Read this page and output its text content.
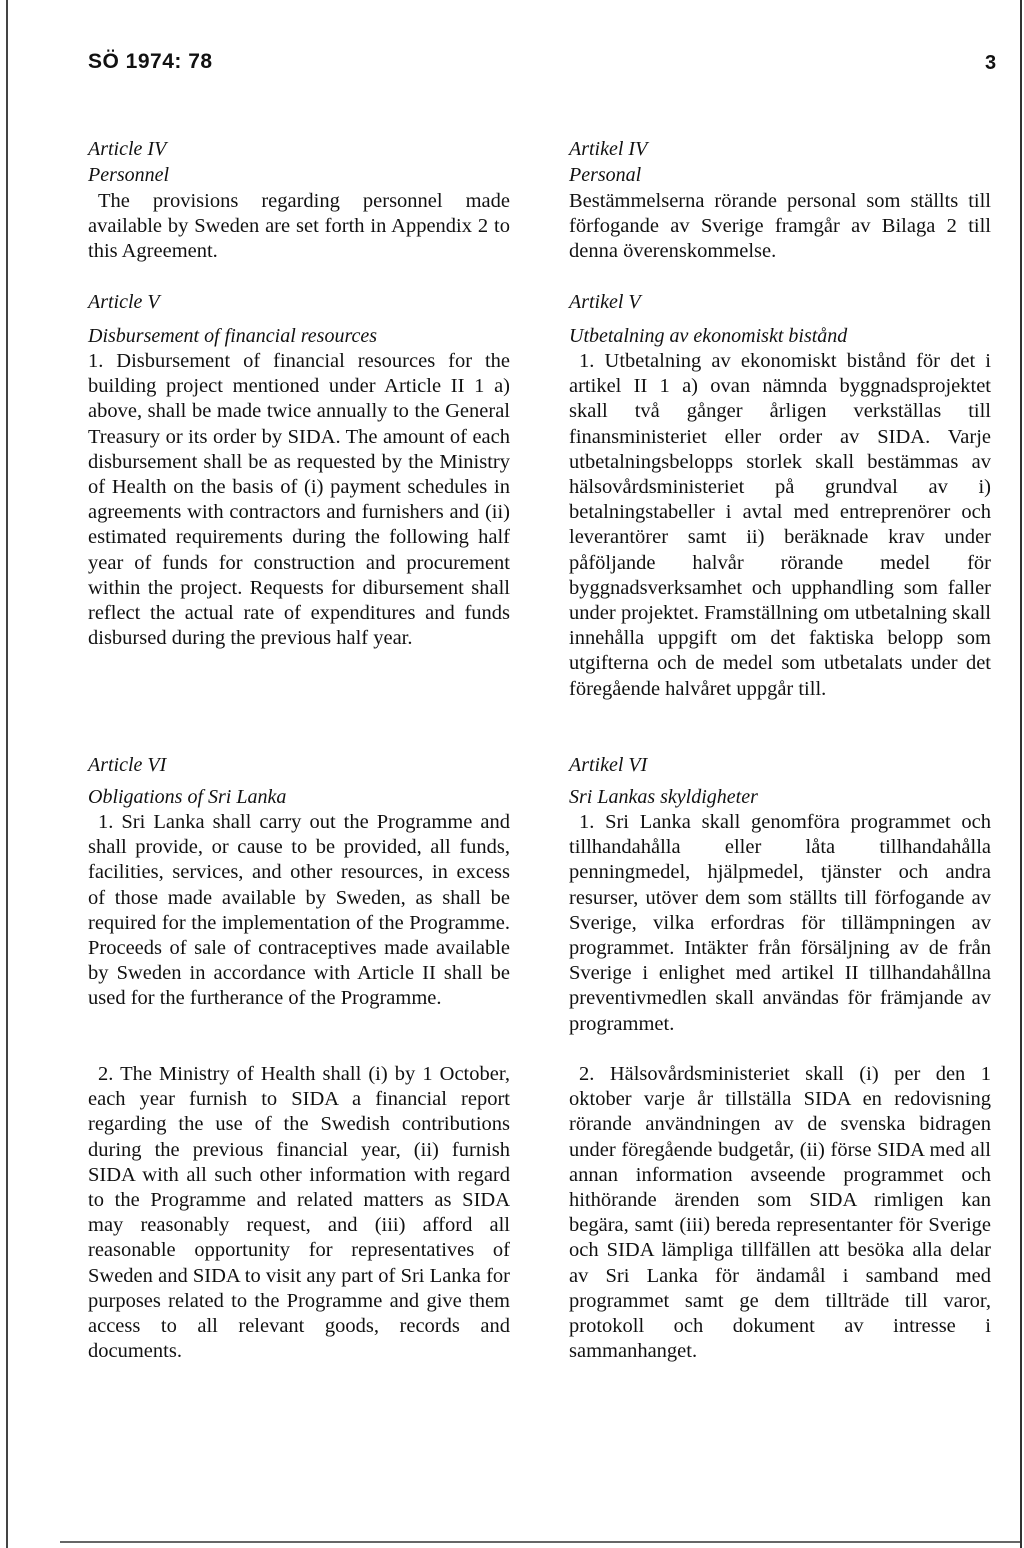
SÖ 1974: 78	3
Article IV
Personnel

The provisions regarding personnel made available by Sweden are set forth in Appendix 2 to this Agreement.

Article V
Disbursement of financial resources

1. Disbursement of financial resources for the building project mentioned under Article II 1 a) above, shall be made twice annually to the General Treasury or its order by SIDA. The amount of each disbursement shall be as requested by the Ministry of Health on the basis of (i) payment schedules in agreements with contractors and furnishers and (ii) estimated requirements during the following half year of funds for construction and procurement within the project. Requests for dibursement shall reflect the actual rate of expenditures and funds disbursed during the previous half year.

Article VI
Obligations of Sri Lanka

1. Sri Lanka shall carry out the Programme and shall provide, or cause to be provided, all funds, facilities, services, and other resources, in excess of those made available by Sweden, as shall be required for the implementation of the Programme. Proceeds of sale of contraceptives made available by Sweden in accordance with Article II shall be used for the furtherance of the Programme.

2. The Ministry of Health shall (i) by 1 October, each year furnish to SIDA a financial report regarding the use of the Swedish contributions during the previous financial year, (ii) furnish SIDA with all such other information with regard to the Programme and related matters as SIDA may reasonably request, and (iii) afford all reasonable opportunity for representatives of Sweden and SIDA to visit any part of Sri Lanka for purposes related to the Programme and give them access to all relevant goods, records and documents.

Artikel IV
Personal

Bestämmelserna rörande personal som ställts till förfogande av Sverige framgår av Bilaga 2 till denna överenskommelse.

Artikel V
Utbetalning av ekonomiskt bistånd

1. Utbetalning av ekonomiskt bistånd för det i artikel II 1 a) ovan nämnda byggnadsprojektet skall två gånger årligen verkställas till finansministeriet eller order av SIDA. Varje utbetalningsbelopps storlek skall bestämmas av hälsovårdsministeriet på grundval av i) betalningstabeller i avtal med entreprenörer och leverantörer samt ii) beräknade krav under påföljande halvår rörande medel för byggnadsverksamhet och upphandling som faller under projektet. Framställning om utbetalning skall innehålla uppgift om det faktiska belopp som utgifterna och de medel som utbetalats under det föregående halvåret uppgår till.

Artikel VI
Sri Lankas skyldigheter

1. Sri Lanka skall genomföra programmet och tillhandahålla eller låta tillhandahålla penningmedel, hjälpmedel, tjänster och andra resurser, utöver dem som ställts till förfogande av Sverige, vilka erfordras för tillämpningen av programmet. Intäkter från försäljning av de från Sverige i enlighet med artikel II tillhandahållna preventivmedlen skall användas för främjande av programmet.

2. Hälsovårdsministeriet skall (i) per den 1 oktober varje år tillställa SIDA en redovisning rörande användningen av de svenska bidragen under föregående budgetår, (ii) förse SIDA med all annan information avseende programmet och hithörande ärenden som SIDA rimligen kan begära, samt (iii) bereda representanter för Sverige och SIDA lämpliga tillfällen att besöka alla delar av Sri Lanka för ändamål i samband med programmet samt ge dem tillträde till varor, protokoll och dokument av intresse i sammanhanget.
